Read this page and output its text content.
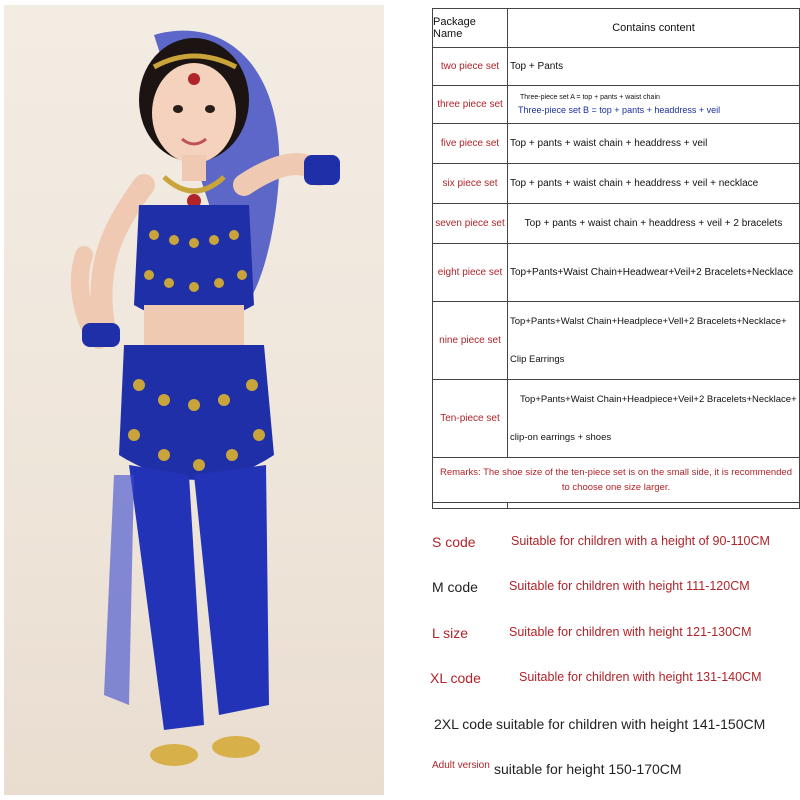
Package Name	Contains content
two piece set	Top + Pants
three piece set	Three-piece set A = top + pants + waist chain
Three-piece set B = top + pants + headdress + veil

five piece set	Top + pants + waist chain + headdress + veil
six piece set	Top + pants + waist chain + headdress + veil + necklace
seven piece set	Top + pants + waist chain + headdress + veil + 2 bracelets
eight piece set	Top+Pants+Waist Chain+Headwear+Veil+2 Bracelets+Necklace
nine piece set	Top+Pants+Walst Chain+Headplece+Vell+2 Bracelets+Necklace+
Clip Earrings

Ten-piece set	Top+Pants+Waist Chain+Headpiece+Veil+2 Bracelets+Necklace+
clip-on earrings + shoes

Remarks: The shoe size of the ten-piece set is on the small side, it is recommended to choose one size larger.	

S code	Suitable for children with a height of 90-110CM
M code Suitable for children with height 111-120CM
L size	Suitable for children with height 121-130CM
XL code	Suitable for children with height 131-140CM
2XL code suitable for children with height 141-150CM
Adult version suitable for height 150-170CM
